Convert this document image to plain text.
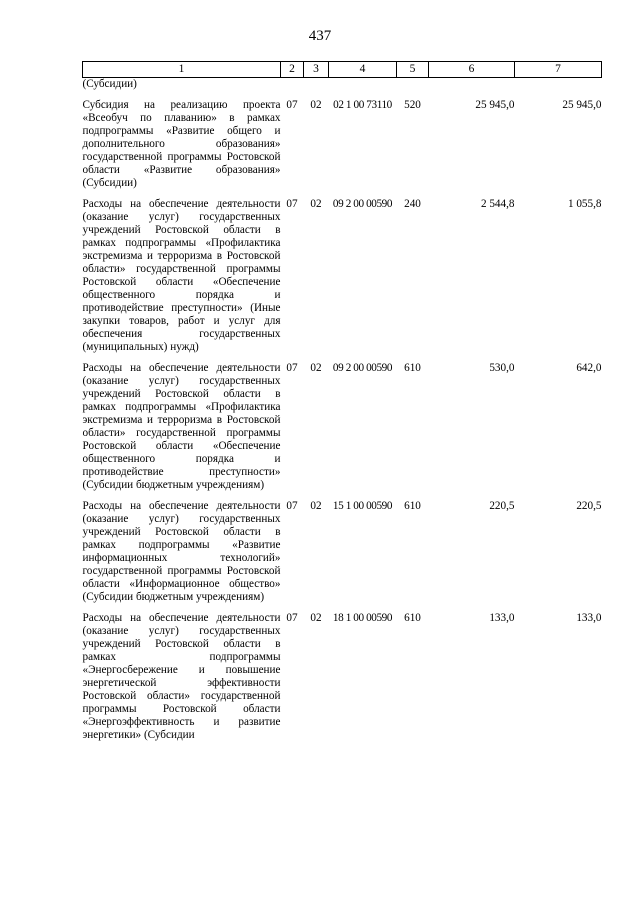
437
1	2	3	4	5	6	7
(Субсидии)						
Субсидия на реализацию проекта «Всеобуч по плаванию» в рамках подпрограммы «Развитие общего и дополнительного образования» государственной программы Ростовской области «Развитие образования» (Субсидии)	07	02	02 1 00 73110	520	25 945,0	25 945,0
Расходы на обеспечение деятельности (оказание услуг) государственных учреждений Ростовской области в рамках подпрограммы «Профилактика экстремизма и терроризма в Ростовской области» государственной программы Ростовской области «Обеспечение общественного порядка и противодействие преступности» (Иные закупки товаров, работ и услуг для обеспечения государственных (муниципальных) нужд)	07	02	09 2 00 00590	240	2 544,8	1 055,8
Расходы на обеспечение деятельности (оказание услуг) государственных учреждений Ростовской области в рамках подпрограммы «Профилактика экстремизма и терроризма в Ростовской области» государственной программы Ростовской области «Обеспечение общественного порядка и противодействие преступности» (Субсидии бюджетным учреждениям)	07	02	09 2 00 00590	610	530,0	642,0
Расходы на обеспечение деятельности (оказание услуг) государственных учреждений Ростовской области в рамках подпрограммы «Развитие информационных технологий» государственной программы Ростовской области «Информационное общество» (Субсидии бюджетным учреждениям)	07	02	15 1 00 00590	610	220,5	220,5
Расходы на обеспечение деятельности (оказание услуг) государственных учреждений Ростовской области в рамках подпрограммы «Энергосбережение и повышение энергетической эффективности Ростовской области» государственной программы Ростовской области «Энергоэффективность и развитие энергетики» (Субсидии	07	02	18 1 00 00590	610	133,0	133,0
